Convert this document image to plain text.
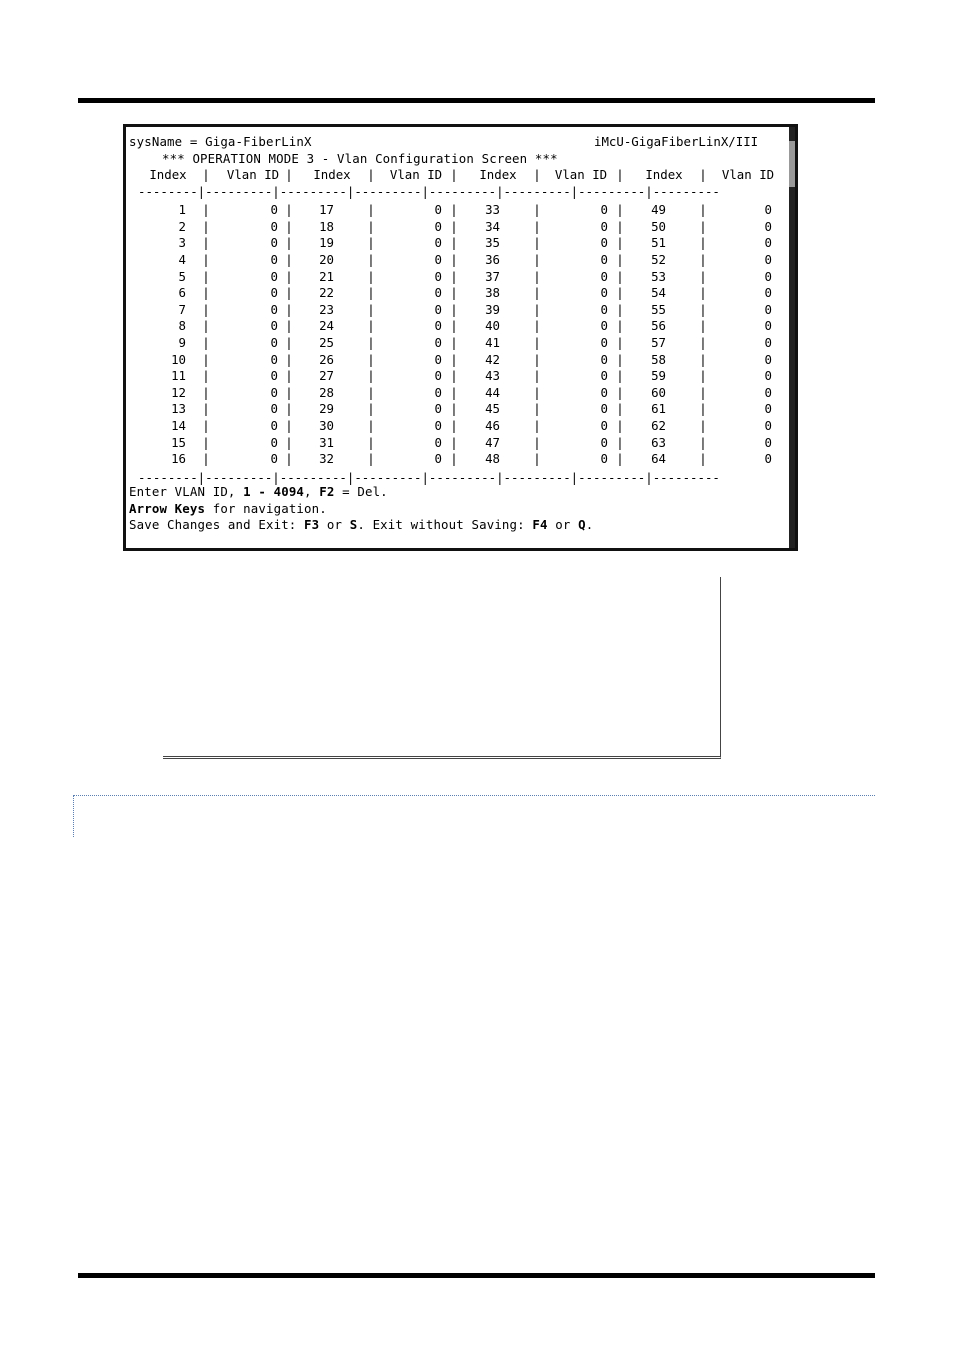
sysName = Giga-FiberLinX	iMcU-GigaFiberLinX/III
*** OPERATION MODE 3 - Vlan Configuration Screen ***
Index	Vlan ID	Index	Vlan ID	Index	Vlan ID	Index	Vlan ID
|	|	|	|	|	|	|
--------|---------|---------|---------|---------|---------|---------|---------
1	0	17	0	33	0	49	0
|	|	|	|	|	|	|
2	0	18	0	34	0	50	0
|	|	|	|	|	|	|
3	0	19	0	35	0	51	0
|	|	|	|	|	|	|
4	0	20	0	36	0	52	0
|	|	|	|	|	|	|
5	0	21	0	37	0	53	0
|	|	|	|	|	|	|
6	0	22	0	38	0	54	0
|	|	|	|	|	|	|
7	0	23	0	39	0	55	0
|	|	|	|	|	|	|
8	0	24	0	40	0	56	0
|	|	|	|	|	|	|
9	0	25	0	41	0	57	0
|	|	|	|	|	|	|
10	0	26	0	42	0	58	0
|	|	|	|	|	|	|
11	0	27	0	43	0	59	0
|	|	|	|	|	|	|
12	0	28	0	44	0	60	0
|	|	|	|	|	|	|
13	0	29	0	45	0	61	0
|	|	|	|	|	|	|
14	0	30	0	46	0	62	0
|	|	|	|	|	|	|
15	0	31	0	47	0	63	0
|	|	|	|	|	|	|
16	0	32	0	48	0	64	0
|	|	|	|	|	|	|
--------|---------|---------|---------|---------|---------|---------|---------
Enter VLAN ID, 1 - 4094, F2 = Del.
Arrow Keys for navigation.
Save Changes and Exit: F3 or S. Exit without Saving: F4 or Q.
